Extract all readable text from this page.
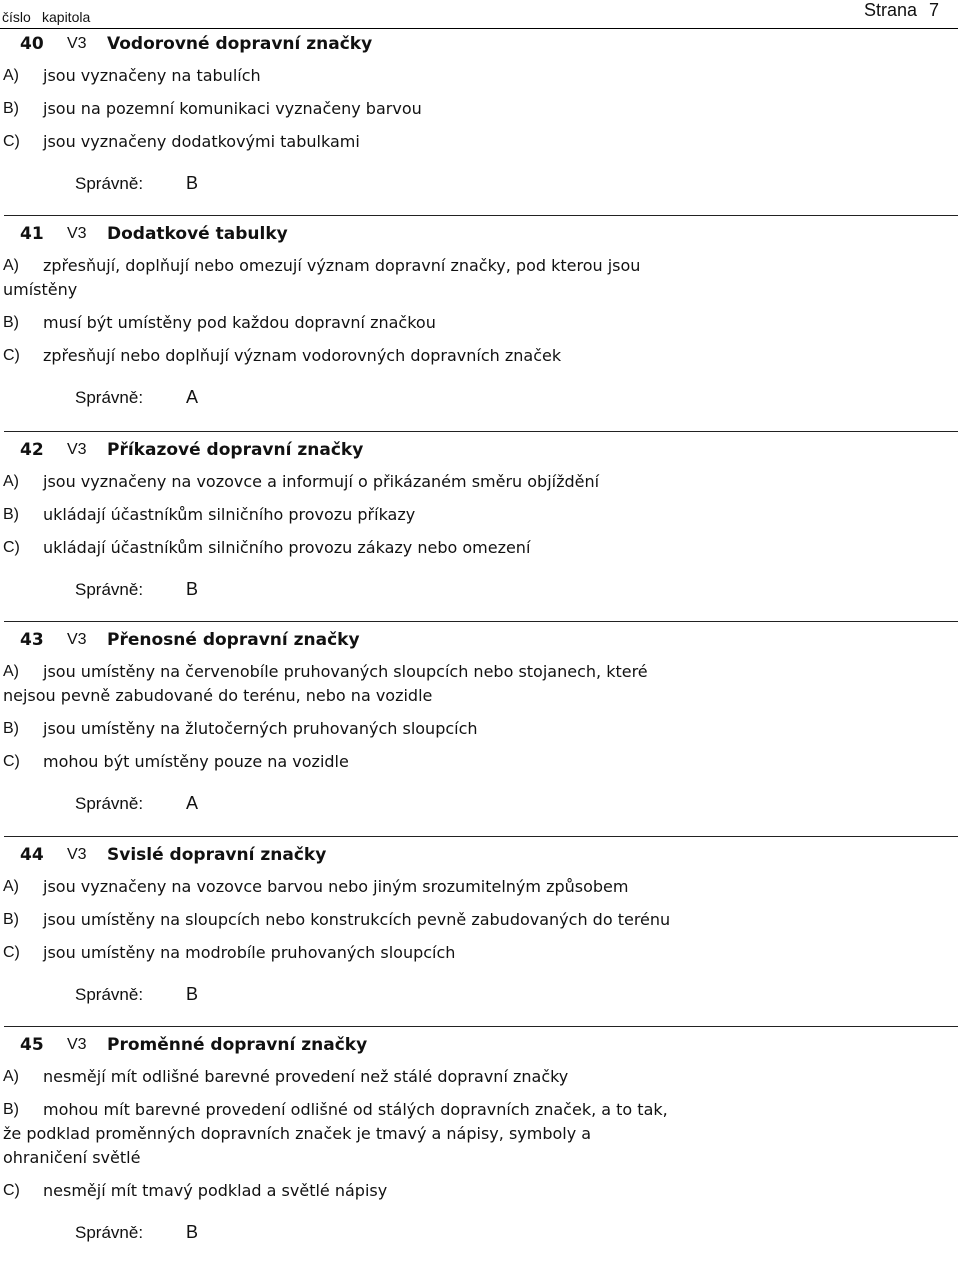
číslo kapitola	Strana 7
40 V3 Vodorovné dopravní značky
A)	jsou vyznačeny na tabulích
B)	jsou na pozemní komunikaci vyznačeny barvou
C)	jsou vyznačeny dodatkovými tabulkami
Správně: B
41 V3 Dodatkové tabulky
A)	zpřesňují, doplňují nebo omezují význam dopravní značky, pod kterou jsou umístěny
B)	musí být umístěny pod každou dopravní značkou
C)	zpřesňují nebo doplňují význam vodorovných dopravních značek
Správně: A
42 V3 Příkazové dopravní značky
A)	jsou vyznačeny na vozovce a informují o přikázaném směru objíždění
B)	ukládají účastníkům silničního provozu příkazy
C)	ukládají účastníkům silničního provozu zákazy nebo omezení
Správně: B
43 V3 Přenosné dopravní značky
A)	jsou umístěny na červenobíle pruhovaných sloupcích nebo stojanech, které nejsou pevně zabudované do terénu, nebo na vozidle
B)	jsou umístěny na žlutočerných pruhovaných sloupcích
C)	mohou být umístěny pouze na vozidle
Správně: A
44 V3 Svislé dopravní značky
A)	jsou vyznačeny na vozovce barvou nebo jiným srozumitelným způsobem
B)	jsou umístěny na sloupcích nebo konstrukcích pevně zabudovaných do terénu
C)	jsou umístěny na modrobíle pruhovaných sloupcích
Správně: B
45 V3 Proměnné dopravní značky
A)	nesmějí mít odlišné barevné provedení než stálé dopravní značky
B)	mohou mít barevné provedení odlišné od stálých dopravních značek, a to tak, že podklad proměnných dopravních značek je tmavý a nápisy, symboly a ohraničení světlé
C)	nesmějí mít tmavý podklad a světlé nápisy
Správně: B
